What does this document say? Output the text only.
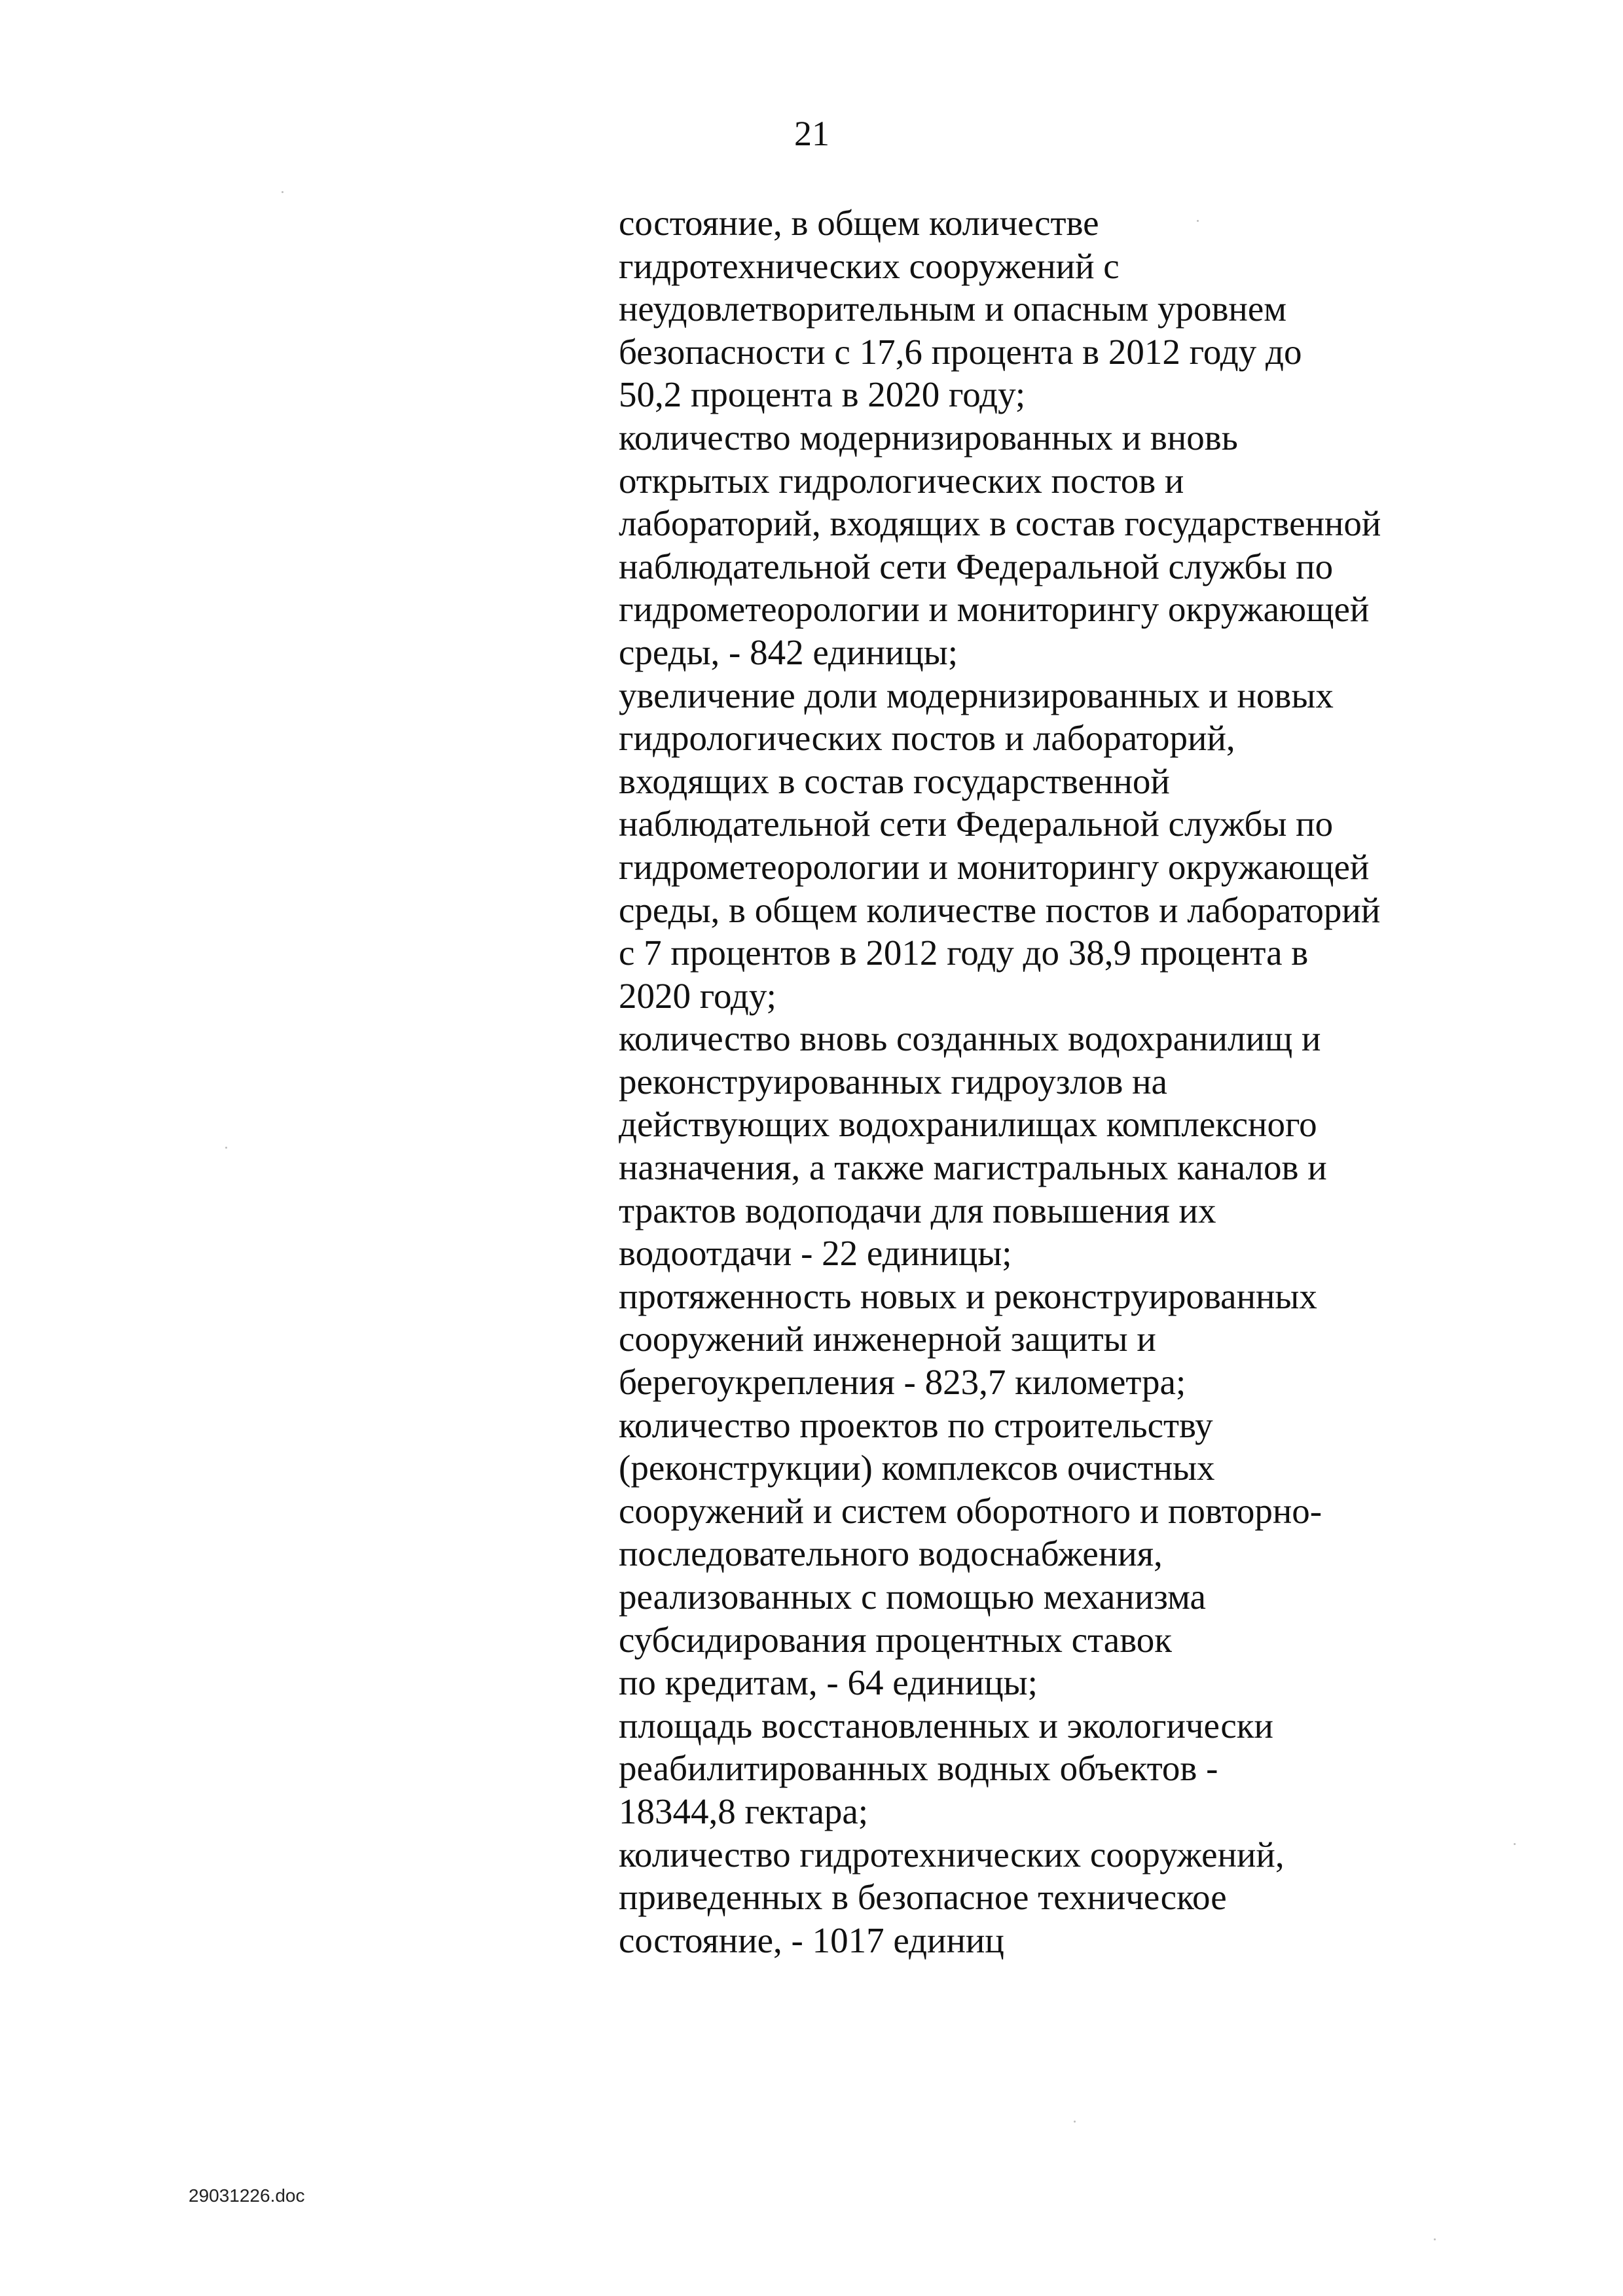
21
состояние, в общем количестве
гидротехнических сооружений с
неудовлетворительным и опасным уровнем
безопасности с 17,6 процента в 2012 году до
50,2 процента в 2020 году;
количество модернизированных и вновь
открытых гидрологических постов и
лабораторий, входящих в состав государственной
наблюдательной сети Федеральной службы по
гидрометеорологии и мониторингу окружающей
среды, - 842 единицы;
увеличение доли модернизированных и новых
гидрологических постов и лабораторий,
входящих в состав государственной
наблюдательной сети Федеральной службы по
гидрометеорологии и мониторингу окружающей
среды, в общем количестве постов и лабораторий
с 7 процентов в 2012 году до 38,9 процента в
2020 году;
количество вновь созданных водохранилищ и
реконструированных гидроузлов на
действующих водохранилищах комплексного
назначения, а также магистральных каналов и
трактов водоподачи для повышения их
водоотдачи - 22 единицы;
протяженность новых и реконструированных
сооружений инженерной защиты и
берегоукрепления - 823,7 километра;
количество проектов по строительству
(реконструкции) комплексов очистных
сооружений и систем оборотного и повторно-
последовательного водоснабжения,
реализованных с помощью механизма
субсидирования процентных ставок
по кредитам, - 64 единицы;
площадь восстановленных и экологически
реабилитированных водных объектов -
18344,8 гектара;
количество гидротехнических сооружений,
приведенных в безопасное техническое
состояние, - 1017 единиц
29031226.doc
